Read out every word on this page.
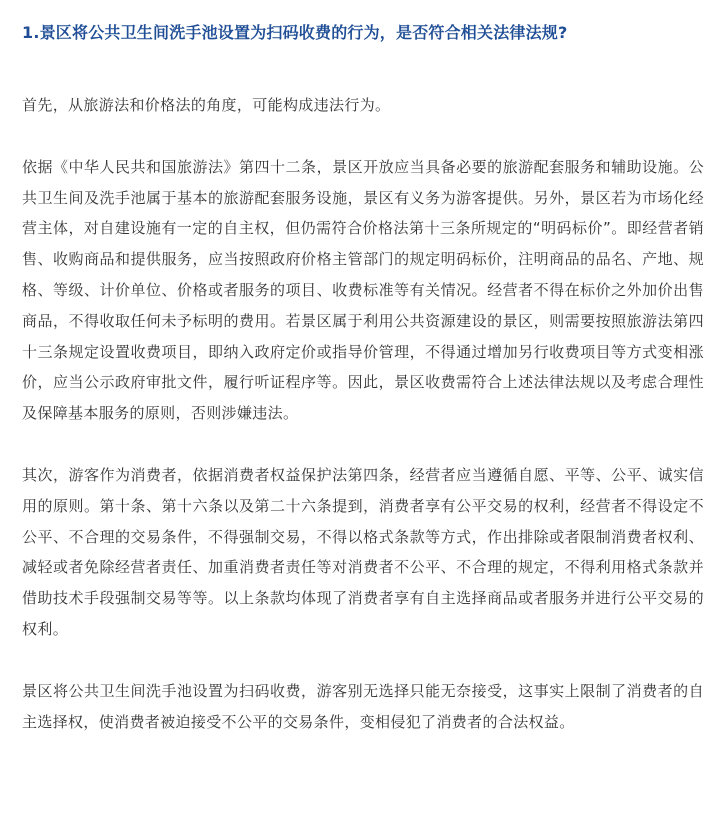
1.景区将公共卫生间洗手池设置为扫码收费的行为，是否符合相关法律法规?

首先，从旅游法和价格法的角度，可能构成违法行为。

依据《中华人民共和国旅游法》第四十二条，景区开放应当具备必要的旅游配套服务和辅助设施。公共卫生间及洗手池属于基本的旅游配套服务设施，景区有义务为游客提供。另外，景区若为市场化经营主体，对自建设施有一定的自主权，但仍需符合价格法第十三条所规定的“明码标价”。即经营者销售、收购商品和提供服务，应当按照政府价格主管部门的规定明码标价，注明商品的品名、产地、规格、等级、计价单位、价格或者服务的项目、收费标准等有关情况。经营者不得在标价之外加价出售商品，不得收取任何未予标明的费用。若景区属于利用公共资源建设的景区，则需要按照旅游法第四十三条规定设置收费项目，即纳入政府定价或指导价管理，不得通过增加另行收费项目等方式变相涨价，应当公示政府审批文件，履行听证程序等。因此，景区收费需符合上述法律法规以及考虑合理性及保障基本服务的原则，否则涉嫌违法。

其次，游客作为消费者，依据消费者权益保护法第四条，经营者应当遵循自愿、平等、公平、诚实信用的原则。第十条、第十六条以及第二十六条提到，消费者享有公平交易的权利，经营者不得设定不公平、不合理的交易条件，不得强制交易，不得以格式条款等方式，作出排除或者限制消费者权利、减轻或者免除经营者责任、加重消费者责任等对消费者不公平、不合理的规定，不得利用格式条款并借助技术手段强制交易等等。以上条款均体现了消费者享有自主选择商品或者服务并进行公平交易的权利。

景区将公共卫生间洗手池设置为扫码收费，游客别无选择只能无奈接受，这事实上限制了消费者的自主选择权，使消费者被迫接受不公平的交易条件，变相侵犯了消费者的合法权益。
